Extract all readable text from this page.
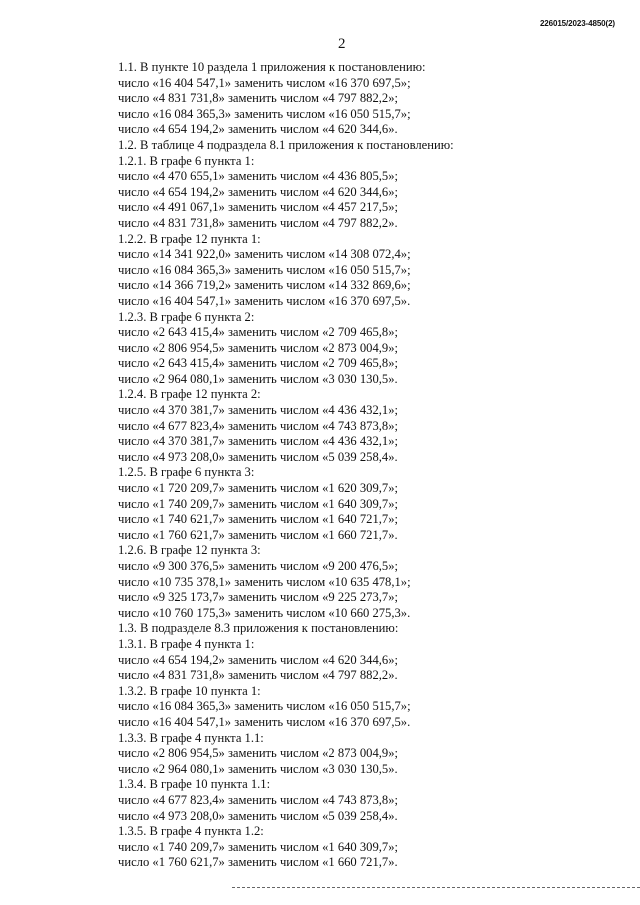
226015/2023-4850(2)
2
1.1. В пункте 10 раздела 1 приложения к постановлению:
число «16 404 547,1» заменить числом «16 370 697,5»;
число «4 831 731,8» заменить числом «4 797 882,2»;
число «16 084 365,3» заменить числом «16 050 515,7»;
число «4 654 194,2» заменить числом «4 620 344,6».
1.2. В таблице 4 подраздела 8.1 приложения к постановлению:
1.2.1. В графе 6 пункта 1:
число «4 470 655,1» заменить числом «4 436 805,5»;
число «4 654 194,2» заменить числом «4 620 344,6»;
число «4 491 067,1» заменить числом «4 457 217,5»;
число «4 831 731,8» заменить числом «4 797 882,2».
1.2.2. В графе 12 пункта 1:
число «14 341 922,0» заменить числом «14 308 072,4»;
число «16 084 365,3» заменить числом «16 050 515,7»;
число «14 366 719,2» заменить числом «14 332 869,6»;
число «16 404 547,1» заменить числом «16 370 697,5».
1.2.3. В графе 6 пункта 2:
число «2 643 415,4» заменить числом «2 709 465,8»;
число «2 806 954,5» заменить числом «2 873 004,9»;
число «2 643 415,4» заменить числом «2 709 465,8»;
число «2 964 080,1» заменить числом «3 030 130,5».
1.2.4. В графе 12 пункта 2:
число «4 370 381,7» заменить числом «4 436 432,1»;
число «4 677 823,4» заменить числом «4 743 873,8»;
число «4 370 381,7» заменить числом «4 436 432,1»;
число «4 973 208,0» заменить числом «5 039 258,4».
1.2.5. В графе 6 пункта 3:
число «1 720 209,7» заменить числом «1 620 309,7»;
число «1 740 209,7» заменить числом «1 640 309,7»;
число «1 740 621,7» заменить числом «1 640 721,7»;
число «1 760 621,7» заменить числом «1 660 721,7».
1.2.6. В графе 12 пункта 3:
число «9 300 376,5» заменить числом «9 200 476,5»;
число «10 735 378,1» заменить числом «10 635 478,1»;
число «9 325 173,7» заменить числом «9 225 273,7»;
число «10 760 175,3» заменить числом «10 660 275,3».
1.3. В подразделе 8.3 приложения к постановлению:
1.3.1. В графе 4 пункта 1:
число «4 654 194,2» заменить числом «4 620 344,6»;
число «4 831 731,8» заменить числом «4 797 882,2».
1.3.2. В графе 10 пункта 1:
число «16 084 365,3» заменить числом «16 050 515,7»;
число «16 404 547,1» заменить числом «16 370 697,5».
1.3.3. В графе 4 пункта 1.1:
число «2 806 954,5» заменить числом «2 873 004,9»;
число «2 964 080,1» заменить числом «3 030 130,5».
1.3.4. В графе 10 пункта 1.1:
число «4 677 823,4» заменить числом «4 743 873,8»;
число «4 973 208,0» заменить числом «5 039 258,4».
1.3.5. В графе 4 пункта 1.2:
число «1 740 209,7» заменить числом «1 640 309,7»;
число «1 760 621,7» заменить числом «1 660 721,7».
